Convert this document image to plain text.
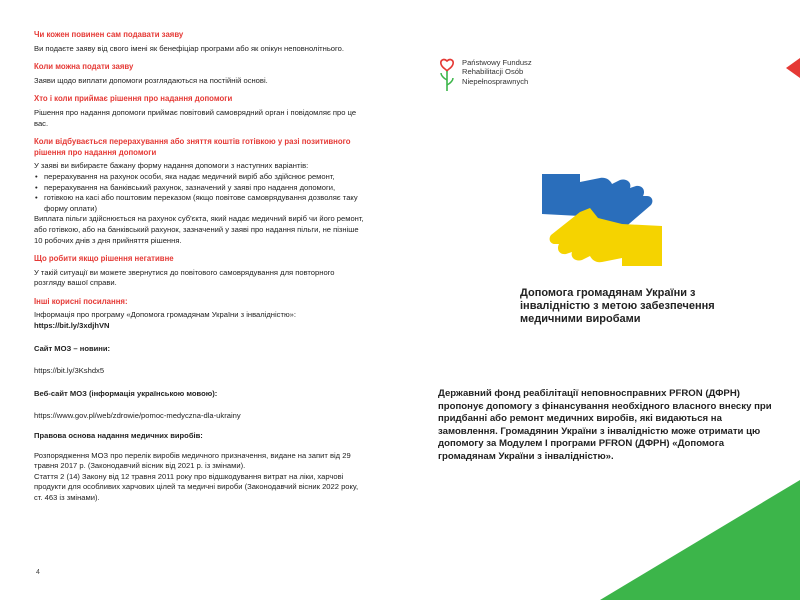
Чи кожен повинен сам подавати заяву
Ви подаєте заяву від свого імені як бенефіціар програми або як опікун неповнолітнього.
Коли можна подати заяву
Заяви щодо виплати допомоги розглядаються на постійній основі.
Хто і коли приймає рішення про надання допомоги
Рішення про надання допомоги приймає повітовий самоврядний орган і повідомляє про це вас.
Коли відбувається перерахування або зняття коштів готівкою у разі позитивного рішення про надання допомоги
У заяві ви вибираєте бажану форму надання допомоги з наступних варіантів:
• перерахування на рахунок особи, яка надає медичний виріб або здійснює ремонт,
• перерахування на банківський рахунок, зазначений у заяві про надання допомоги,
• готівкою на касі або поштовим переказом (якщо повітове самоврядування дозволяє таку форму оплати)
Виплата пільги здійснюється на рахунок суб'єкта, який надає медичний виріб чи його ремонт, або готівкою, або на банківський рахунок, зазначений у заяві про надання пільги, не пізніше 10 робочих днів з дня прийняття рішення.
Що робити якщо рішення негативне
У такій ситуації ви можете звернутися до повітового самоврядування для повторного розгляду вашої справи.
Інші корисні посилання:
Інформація про програму «Допомога громадянам України з інвалідністю»:
https://bit.ly/3xdjhVN
Сайт МОЗ – новини:
https://bit.ly/3Kshdx5
Веб-сайт МОЗ (інформація українською мовою):
https://www.gov.pl/web/zdrowie/pomoc-medyczna-dla-ukrainy
Правова основа надання медичних виробів:
Розпорядження МОЗ про перелік виробів медичного призначення, видане на запит від 29 травня 2017 р. (Законодавчий вісник від 2021 р. із змінами).
Стаття 2 (14) Закону від 12 травня 2011 року про відшкодування витрат на ліки, харчові продукти для особливих харчових цілей та медичні вироби (Законодавчий вісник 2022 року, ст. 463 із змінами).
4
Państwowy Fundusz
Rehabilitacji Osób
Niepełnosprawnych
Допомога громадянам України з інвалідністю з метою забезпечення медичними виробами
Державний фонд реабілітації неповносправних PFRON (ДФРН) пропонує допомогу з фінансування необхідного власного внеску при придбанні або ремонт медичних виробів, які видаються на замовлення. Громадянин України з інвалідністю може отримати цю допомогу за Модулем I програми PFRON (ДФРН) «Допомога громадянам України з інвалідністю».
